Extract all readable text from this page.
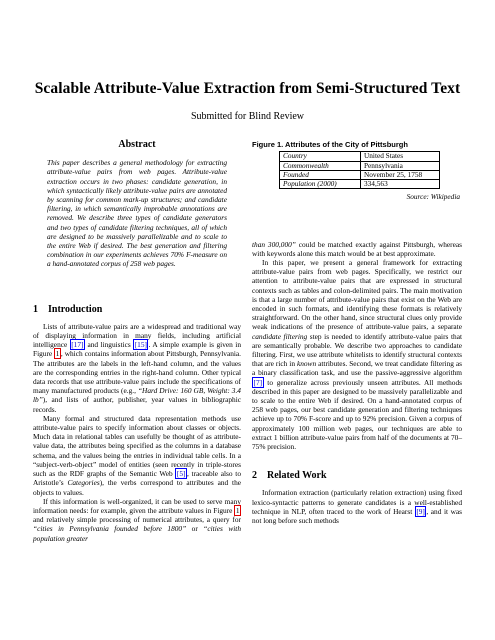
Scalable Attribute-Value Extraction from Semi-Structured Text
Submitted for Blind Review
Abstract

This paper describes a general methodology for extracting attribute-value pairs from web pages. Attribute-value extraction occurs in two phases: candidate generation, in which syntactically likely attribute-value pairs are annotated by scanning for common mark-up structures; and candidate filtering, in which semantically improbable annotations are removed. We describe three types of candidate generators and two types of candidate filtering techniques, all of which are designed to be massively parallelizable and to scale to the entire Web if desired. The best generation and filtering combination in our experiments achieves 70% F-measure on a hand-annotated corpus of 258 web pages.

1 Introduction

Lists of attribute-value pairs are a widespread and traditional way of displaying information in many fields, including artificial intelligence [17] and linguistics [15] . A simple example is given in Figure 1 , which contains information about Pittsburgh, Pennsylvania. The attributes are the labels in the left-hand column, and the values are the corresponding entries in the right-hand column. Other typical data records that use attribute-value pairs include the specifications of many manufactured products (e.g., “Hard Drive: 160 GB, Weight: 3.4 lb”), and lists of author, publisher, year values in bibliographic records.

Many formal and structured data representation methods use attribute-value pairs to specify information about classes or objects. Much data in relational tables can usefully be thought of as attribute-value data, the attributes being specified as the columns in a database schema, and the values being the entries in individual table cells. In a “subject-verb-object” model of entities (seen recently in triple-stores such as the RDF graphs of the Semantic Web [5] , traceable also to Aristotle’s Categories), the verbs correspond to attributes and the objects to values.

If this information is well-organized, it can be used to serve many information needs: for example, given the attribute values in Figure 1 and relatively simple processing of numerical attributes, a query for “cities in Pennsylvania founded before 1800” or “cities with population greater

Figure 1. Attributes of the City of Pittsburgh
Country	United States
Commonwealth	Pennsylvania
Founded	November 25, 1758
Population (2000)	334,563
Source: Wikipedia

than 300,000” could be matched exactly against Pittsburgh, whereas with keywords alone this match would be at best approximate.

In this paper, we present a general framework for extracting attribute-value pairs from web pages. Specifically, we restrict our attention to attribute-value pairs that are expressed in structural contexts such as tables and colon-delimited pairs. The main motivation is that a large number of attribute-value pairs that exist on the Web are encoded in such formats, and identifying these formats is relatively straightforward. On the other hand, since structural clues only provide weak indications of the presence of attribute-value pairs, a separate candidate filtering step is needed to identify attribute-value pairs that are semantically probable. We describe two approaches to candidate filtering. First, we use attribute whitelists to identify structural contexts that are rich in known attributes. Second, we treat candidate filtering as a binary classification task, and use the passive-aggressive algorithm [7] to generalize across previously unseen attributes. All methods described in this paper are designed to be massively parallelizable and to scale to the entire Web if desired. On a hand-annotated corpus of 258 web pages, our best candidate generation and filtering techniques achieve up to 70% F-score and up to 92% precision. Given a corpus of approximately 100 million web pages, our techniques are able to extract 1 billion attribute-value pairs from half of the documents at 70–75% precision.

2 Related Work

Information extraction (particularly relation extraction) using fixed lexico-syntactic patterns to generate candidates is a well-established technique in NLP, often traced to the work of Hearst [9] , and it was not long before such methods
